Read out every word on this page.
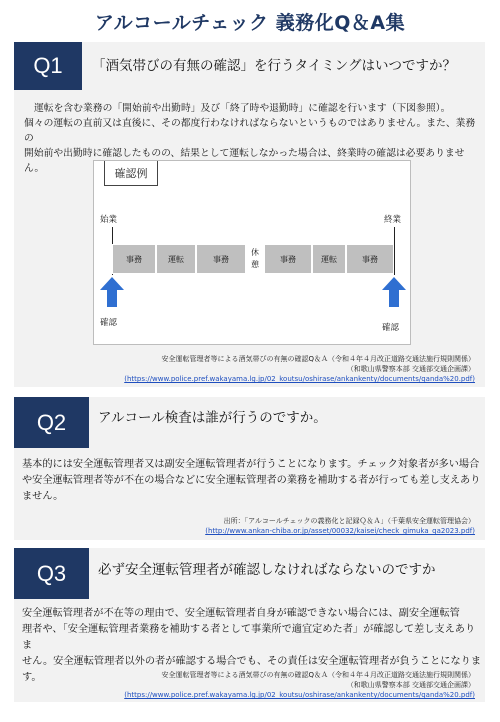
アルコールチェック 義務化Q＆A集
Q1	「酒気帯びの有無の確認」を行うタイミングはいつですか？
運転を含む業務の「開始前や出勤時」及び「終了時や退勤時」に確認を行います（下図参照）。
個々の運転の直前又は直後に、その都度行わなければならないというものではありません。また、業務の
開始前や出勤時に確認したものの、結果として運転しなかった場合は、終業時の確認は必要ありません。	確認例
始業	終業
事務	運転	事務
休
憩
事務	運転	事務
確認	確認
安全運転管理者等による酒気帯びの有無の確認Q＆Ａ（令和４年４月改正道路交通法施行規則関係）
（和歌山県警察本部 交通部交通企画課）
(https://www.police.pref.wakayama.lg.jp/02_koutsu/oshirase/ankankenty/documents/qanda%20.pdf)
Q2	アルコール検査は誰が行うのですか。
基本的には安全運転管理者又は副安全運転管理者が行うことになります。チェック対象者が多い場合
や安全運転管理者等が不在の場合などに安全運転管理者の業務を補助する者が行っても差し支えあり
ません。
出所：「アルコールチェックの義務化と記録Ｑ＆Ａ」（千葉県安全運転管理協会）
(http://www.ankan-chiba.or.jp/asset/00032/kaisei/check_gimuka_qa2023.pdf)
Q3	必ず安全運転管理者が確認しなければならないのですか
安全運転管理者が不在等の理由で、安全運転管理者自身が確認できない場合には、副安全運転管
理者や、「安全運転管理者業務を補助する者として事業所で適宜定めた者」が確認して差し支えありま
せん。安全運転管理者以外の者が確認する場合でも、その責任は安全運転管理者が負うことになりま
す。	安全運転管理者等による酒気帯びの有無の確認Q＆Ａ（令和４年４月改正道路交通法施行規則関係）
（和歌山県警察本部 交通部交通企画課）
(https://www.police.pref.wakayama.lg.jp/02_koutsu/oshirase/ankankenty/documents/qanda%20.pdf)
